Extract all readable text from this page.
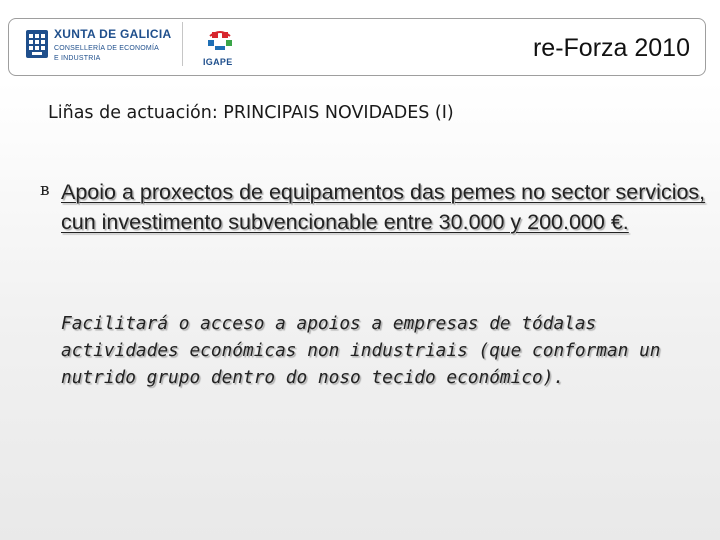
XUNTA DE GALICIA
CONSELLERÍA DE ECONOMÍA
E INDUSTRIA	IGAPE	re-Forza 2010
Liñas de actuación: PRINCIPAIS NOVIDADES (I)
ʙ Apoio a proxectos de equipamentos das pemes no sector servicios, cun investimento subvencionable entre 30.000 y 200.000 €.
Facilitará o acceso a apoios a empresas de tódalas actividades económicas non industriais (que conforman un nutrido grupo dentro do noso tecido económico).
